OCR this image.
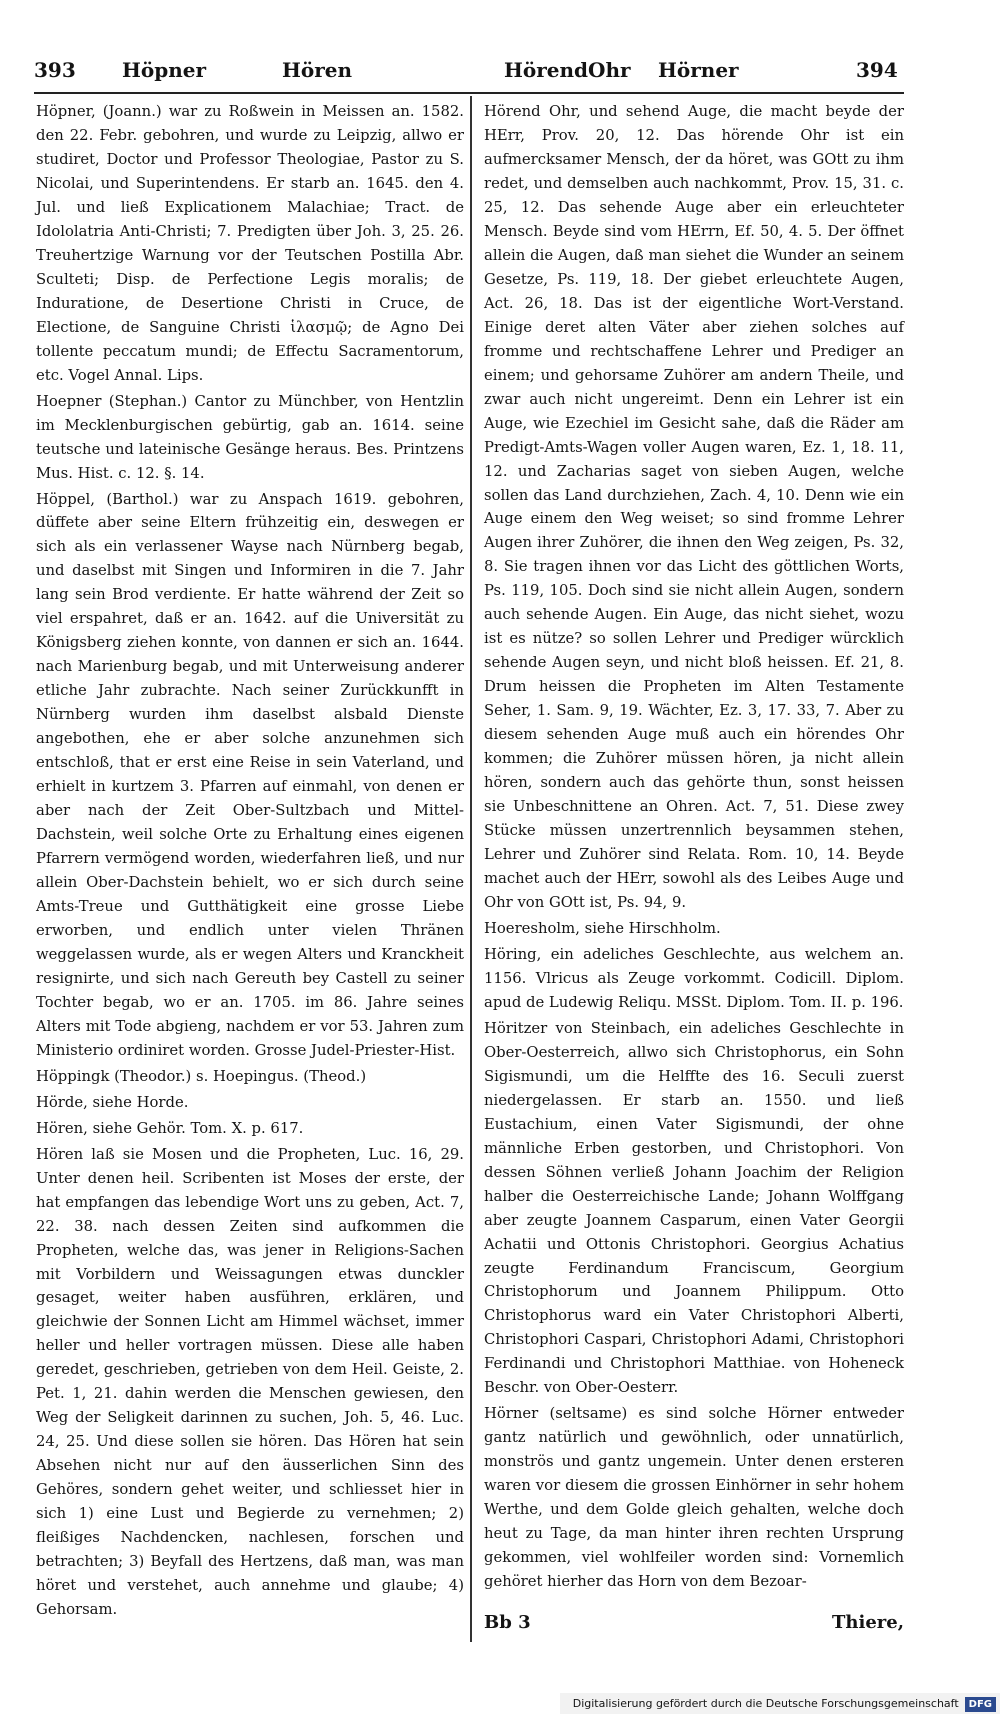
393 Höpner	Hören	HörendOhr Hörner	394

Höpner, (Joann.) war zu Roßwein in Meissen an. 1582. den 22. Febr. gebohren, und wurde zu Leipzig, allwo er studiret, Doctor und Professor Theologiae, Pastor zu S. Nicolai, und Superintendens. Er starb an. 1645. den 4. Jul. und ließ Explicationem Malachiae; Tract. de Idololatria Anti-Christi; 7. Predigten über Joh. 3, 25. 26. Treuhertzige Warnung vor der Teutschen Postilla Abr. Sculteti; Disp. de Perfectione Legis moralis; de Induratione, de Desertione Christi in Cruce, de Electione, de Sanguine Christi ἱλασμῷ; de Agno Dei tollente peccatum mundi; de Effectu Sacramentorum, etc. Vogel Annal. Lips.

Hoepner (Stephan.) Cantor zu Münchber, von Hentzlin im Mecklenburgischen gebürtig, gab an. 1614. seine teutsche und lateinische Gesänge heraus. Bes. Printzens Mus. Hist. c. 12. §. 14.

Höppel, (Barthol.) war zu Anspach 1619. gebohren, düffete aber seine Eltern frühzeitig ein, deswegen er sich als ein verlassener Wayse nach Nürnberg begab, und daselbst mit Singen und Informiren in die 7. Jahr lang sein Brod verdiente. Er hatte während der Zeit so viel erspahret, daß er an. 1642. auf die Universität zu Königsberg ziehen konnte, von dannen er sich an. 1644. nach Marienburg begab, und mit Unterweisung anderer etliche Jahr zubrachte. Nach seiner Zurückkunfft in Nürnberg wurden ihm daselbst alsbald Dienste angebothen, ehe er aber solche anzunehmen sich entschloß, that er erst eine Reise in sein Vaterland, und erhielt in kurtzem 3. Pfarren auf einmahl, von denen er aber nach der Zeit Ober-Sultzbach und Mittel-Dachstein, weil solche Orte zu Erhaltung eines eigenen Pfarrern vermögend worden, wiederfahren ließ, und nur allein Ober-Dachstein behielt, wo er sich durch seine Amts-Treue und Gutthätigkeit eine grosse Liebe erworben, und endlich unter vielen Thränen weggelassen wurde, als er wegen Alters und Kranckheit resignirte, und sich nach Gereuth bey Castell zu seiner Tochter begab, wo er an. 1705. im 86. Jahre seines Alters mit Tode abgieng, nachdem er vor 53. Jahren zum Ministerio ordiniret worden. Grosse Judel-Priester-Hist.

Höppingk (Theodor.) s. Hoepingus. (Theod.)

Hörde, siehe Horde.

Hören, siehe Gehör. Tom. X. p. 617.

Hören laß sie Mosen und die Propheten, Luc. 16, 29. Unter denen heil. Scribenten ist Moses der erste, der hat empfangen das lebendige Wort uns zu geben, Act. 7, 22. 38. nach dessen Zeiten sind aufkommen die Propheten, welche das, was jener in Religions-Sachen mit Vorbildern und Weissagungen etwas dunckler gesaget, weiter haben ausführen, erklären, und gleichwie der Sonnen Licht am Himmel wächset, immer heller und heller vortragen müssen. Diese alle haben geredet, geschrieben, getrieben von dem Heil. Geiste, 2. Pet. 1, 21. dahin werden die Menschen gewiesen, den Weg der Seligkeit darinnen zu suchen, Joh. 5, 46. Luc. 24, 25. Und diese sollen sie hören. Das Hören hat sein Absehen nicht nur auf den äusserlichen Sinn des Gehöres, sondern gehet weiter, und schliesset hier in sich 1) eine Lust und Begierde zu vernehmen; 2) fleißiges Nachdencken, nachlesen, forschen und betrachten; 3) Beyfall des Hertzens, daß man, was man höret und verstehet, auch annehme und glaube; 4) Gehorsam.

Hörend Ohr, und sehend Auge, die macht beyde der HErr, Prov. 20, 12. Das hörende Ohr ist ein aufmercksamer Mensch, der da höret, was GOtt zu ihm redet, und demselben auch nachkommt, Prov. 15, 31. c. 25, 12. Das sehende Auge aber ein erleuchteter Mensch. Beyde sind vom HErrn, Ef. 50, 4. 5. Der öffnet allein die Augen, daß man siehet die Wunder an seinem Gesetze, Ps. 119, 18. Der giebet erleuchtete Augen, Act. 26, 18. Das ist der eigentliche Wort-Verstand. Einige deret alten Väter aber ziehen solches auf fromme und rechtschaffene Lehrer und Prediger an einem; und gehorsame Zuhörer am andern Theile, und zwar auch nicht ungereimt. Denn ein Lehrer ist ein Auge, wie Ezechiel im Gesicht sahe, daß die Räder am Predigt-Amts-Wagen voller Augen waren, Ez. 1, 18. 11, 12. und Zacharias saget von sieben Augen, welche sollen das Land durchziehen, Zach. 4, 10. Denn wie ein Auge einem den Weg weiset; so sind fromme Lehrer Augen ihrer Zuhörer, die ihnen den Weg zeigen, Ps. 32, 8. Sie tragen ihnen vor das Licht des göttlichen Worts, Ps. 119, 105. Doch sind sie nicht allein Augen, sondern auch sehende Augen. Ein Auge, das nicht siehet, wozu ist es nütze? so sollen Lehrer und Prediger würcklich sehende Augen seyn, und nicht bloß heissen. Ef. 21, 8. Drum heissen die Propheten im Alten Testamente Seher, 1. Sam. 9, 19. Wächter, Ez. 3, 17. 33, 7. Aber zu diesem sehenden Auge muß auch ein hörendes Ohr kommen; die Zuhörer müssen hören, ja nicht allein hören, sondern auch das gehörte thun, sonst heissen sie Unbeschnittene an Ohren. Act. 7, 51. Diese zwey Stücke müssen unzertrennlich beysammen stehen, Lehrer und Zuhörer sind Relata. Rom. 10, 14. Beyde machet auch der HErr, sowohl als des Leibes Auge und Ohr von GOtt ist, Ps. 94, 9.

Hoeresholm, siehe Hirschholm.

Höring, ein adeliches Geschlechte, aus welchem an. 1156. Vlricus als Zeuge vorkommt. Codicill. Diplom. apud de Ludewig Reliqu. MSSt. Diplom. Tom. II. p. 196.

Höritzer von Steinbach, ein adeliches Geschlechte in Ober-Oesterreich, allwo sich Christophorus, ein Sohn Sigismundi, um die Helffte des 16. Seculi zuerst niedergelassen. Er starb an. 1550. und ließ Eustachium, einen Vater Sigismundi, der ohne männliche Erben gestorben, und Christophori. Von dessen Söhnen verließ Johann Joachim der Religion halber die Oesterreichische Lande; Johann Wolffgang aber zeugte Joannem Casparum, einen Vater Georgii Achatii und Ottonis Christophori. Georgius Achatius zeugte Ferdinandum Franciscum, Georgium Christophorum und Joannem Philippum. Otto Christophorus ward ein Vater Christophori Alberti, Christophori Caspari, Christophori Adami, Christophori Ferdinandi und Christophori Matthiae. von Hoheneck Beschr. von Ober-Oesterr.

Hörner (seltsame) es sind solche Hörner entweder gantz natürlich und gewöhnlich, oder unnatürlich, monströs und gantz ungemein. Unter denen ersteren waren vor diesem die grossen Einhörner in sehr hohem Werthe, und dem Golde gleich gehalten, welche doch heut zu Tage, da man hinter ihren rechten Ursprung gekommen, viel wohlfeiler worden sind: Vornemlich gehöret hierher das Horn von dem Bezoar-

Bb 3	Thiere,
Digitalisierung gefördert durch die Deutsche Forschungsgemeinschaft DFG
